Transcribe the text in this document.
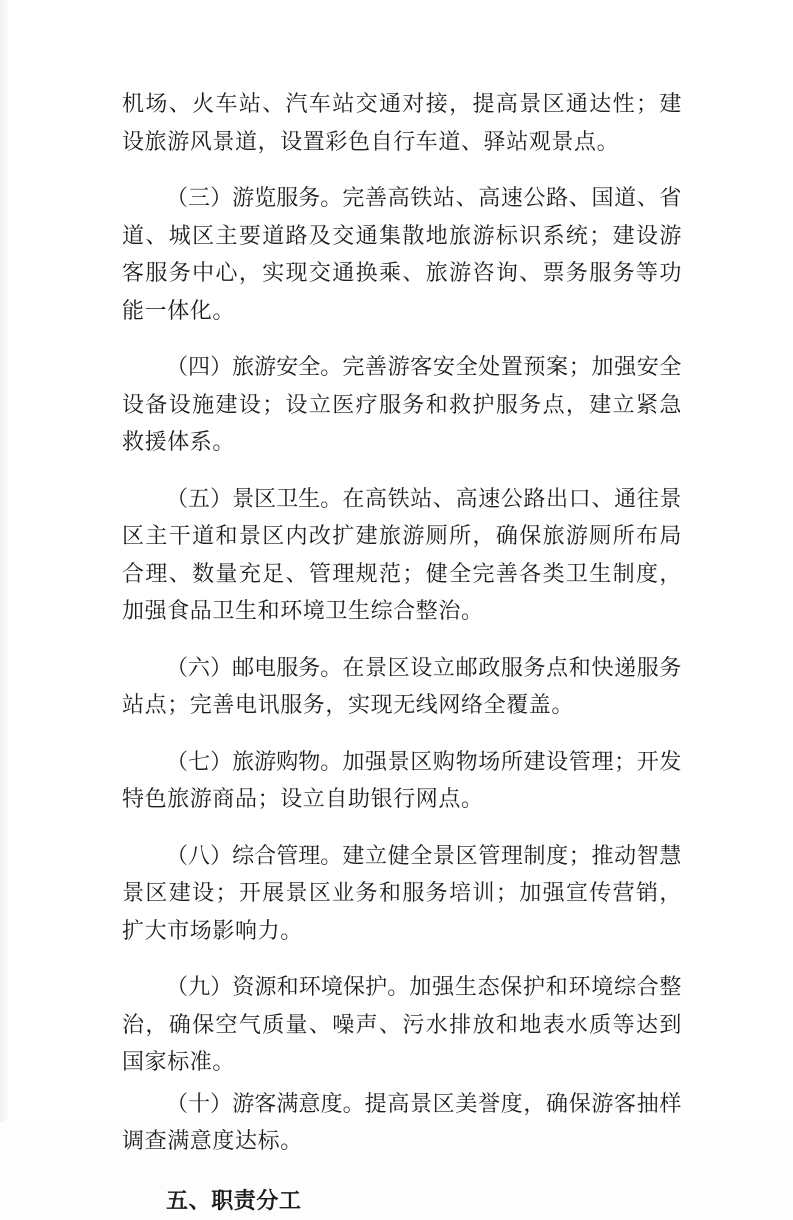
机场、火车站、汽车站交通对接，提高景区通达性；建设旅游风景道，设置彩色自行车道、驿站观景点。

（三）游览服务。完善高铁站、高速公路、国道、省道、城区主要道路及交通集散地旅游标识系统；建设游客服务中心，实现交通换乘、旅游咨询、票务服务等功能一体化。

（四）旅游安全。完善游客安全处置预案；加强安全设备设施建设；设立医疗服务和救护服务点，建立紧急救援体系。

（五）景区卫生。在高铁站、高速公路出口、通往景区主干道和景区内改扩建旅游厕所，确保旅游厕所布局合理、数量充足、管理规范；健全完善各类卫生制度，加强食品卫生和环境卫生综合整治。

（六）邮电服务。在景区设立邮政服务点和快递服务站点；完善电讯服务，实现无线网络全覆盖。

（七）旅游购物。加强景区购物场所建设管理；开发特色旅游商品；设立自助银行网点。

（八）综合管理。建立健全景区管理制度；推动智慧景区建设；开展景区业务和服务培训；加强宣传营销，扩大市场影响力。

（九）资源和环境保护。加强生态保护和环境综合整治，确保空气质量、噪声、污水排放和地表水质等达到国家标准。

（十）游客满意度。提高景区美誉度，确保游客抽样调查满意度达标。

五、职责分工
